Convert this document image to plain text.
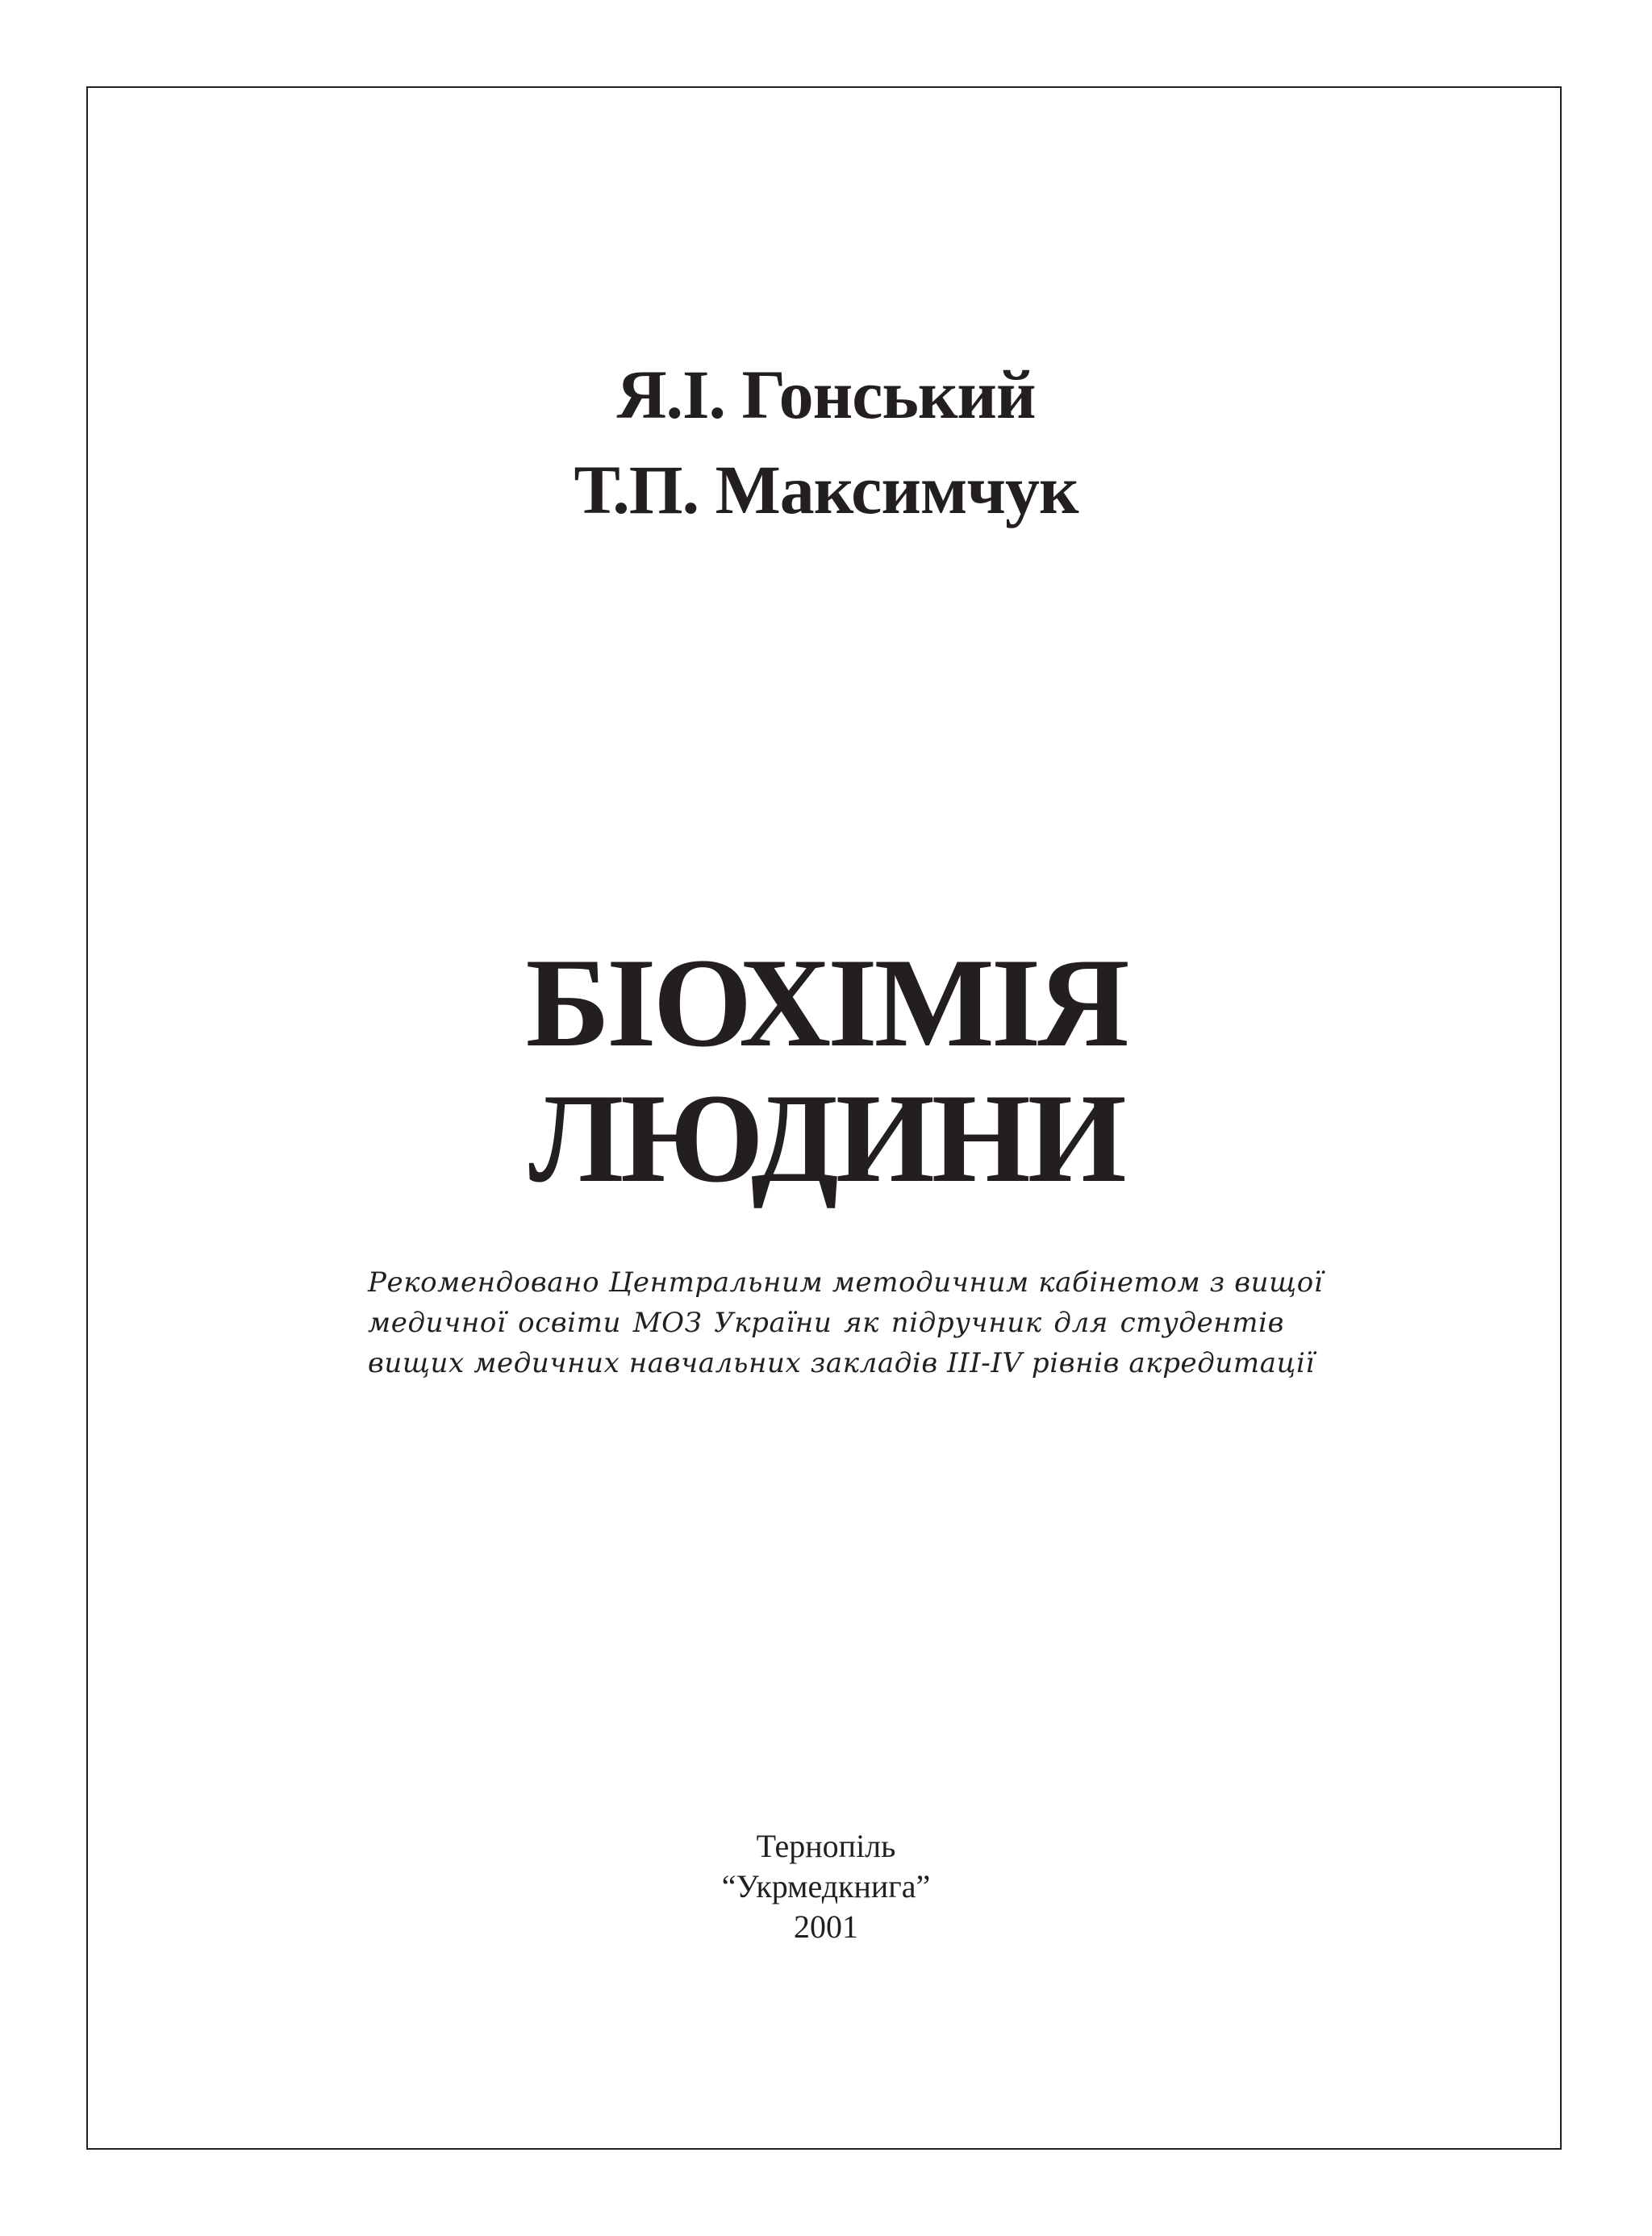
Я.І. Гонський
Т.П. Максимчук
БІОХІМІЯ
ЛЮДИНИ
Рекомендовано Центральним методичним кабінетом з вищої
медичної освіти МОЗ України як підручник для студентів
вищих медичних навчальних закладів ІІІ-IV рівнів акредитації
Тернопіль
“Укрмедкнига”
2001
